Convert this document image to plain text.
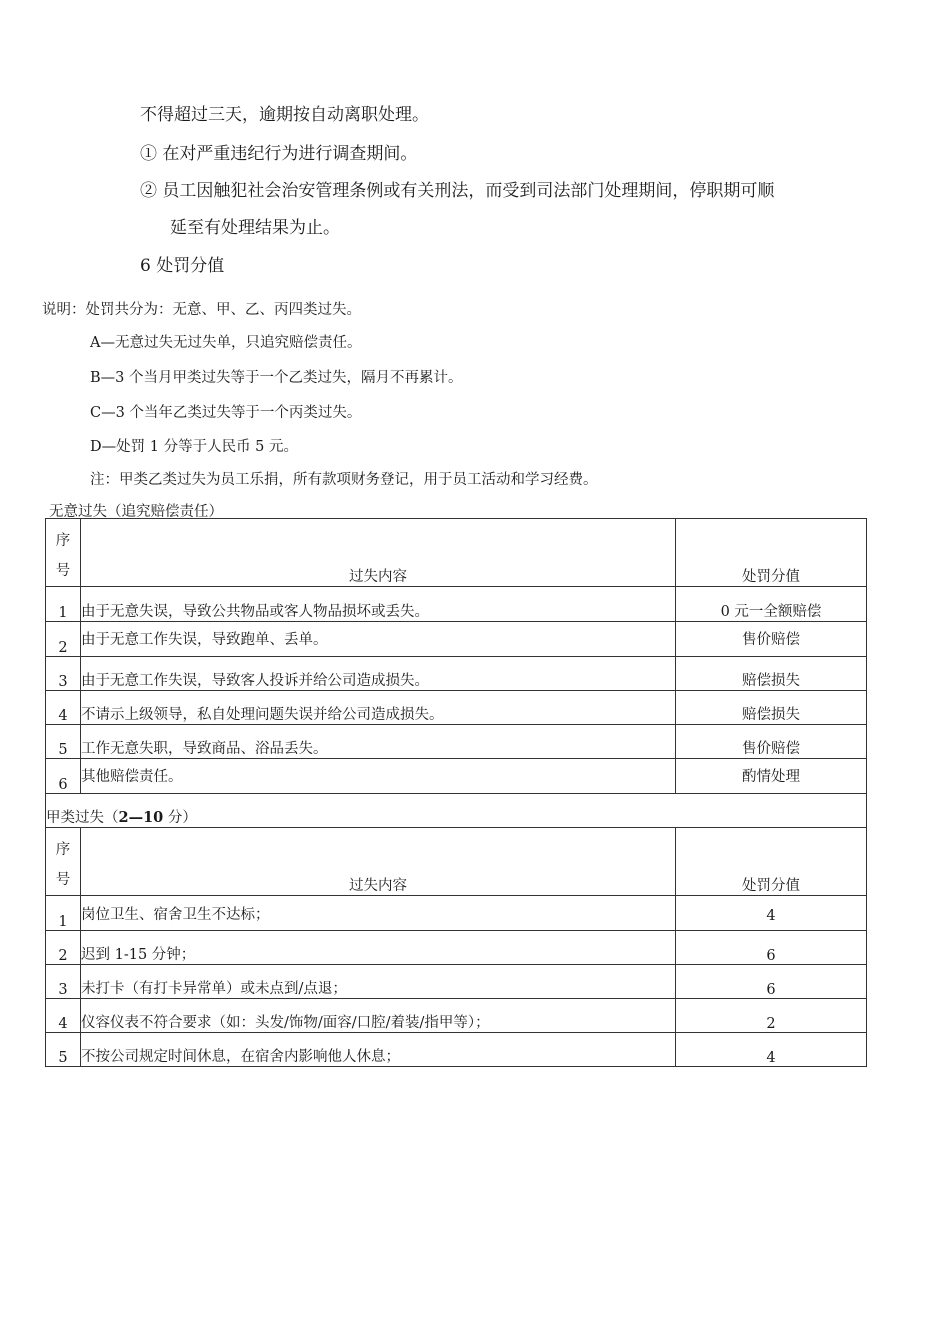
不得超过三天，逾期按自动离职处理。
① 在对严重违纪行为进行调查期间。
② 员工因触犯社会治安管理条例或有关刑法，而受到司法部门处理期间，停职期可顺
延至有处理结果为止。
6 处罚分值
说明：处罚共分为：无意、甲、乙、丙四类过失。
A—无意过失无过失单，只追究赔偿责任。
B—3 个当月甲类过失等于一个乙类过失，隔月不再累计。
C—3 个当年乙类过失等于一个丙类过失。
D—处罚 1 分等于人民币 5 元。
注：甲类乙类过失为员工乐捐，所有款项财务登记，用于员工活动和学习经费。
无意过失（追究赔偿责任）
序号	过失内容	处罚分值
1	由于无意失误，导致公共物品或客人物品损坏或丢失。	0 元一全额赔偿
2	由于无意工作失误，导致跑单、丢单。	售价赔偿
3	由于无意工作失误，导致客人投诉并给公司造成损失。	赔偿损失
4	不请示上级领导，私自处理问题失误并给公司造成损失。	赔偿损失
5	工作无意失职，导致商品、浴品丢失。	售价赔偿
6	其他赔偿责任。	酌情处理
甲类过失（2—10 分）		
序号	过失内容	处罚分值
1	岗位卫生、宿舍卫生不达标；	4
2	迟到 1-15 分钟；	6
3	未打卡（有打卡异常单）或未点到/点退；	6
4	仪容仪表不符合要求（如：头发/饰物/面容/口腔/着装/指甲等）；	2
5	不按公司规定时间休息，在宿舍内影响他人休息；	4
